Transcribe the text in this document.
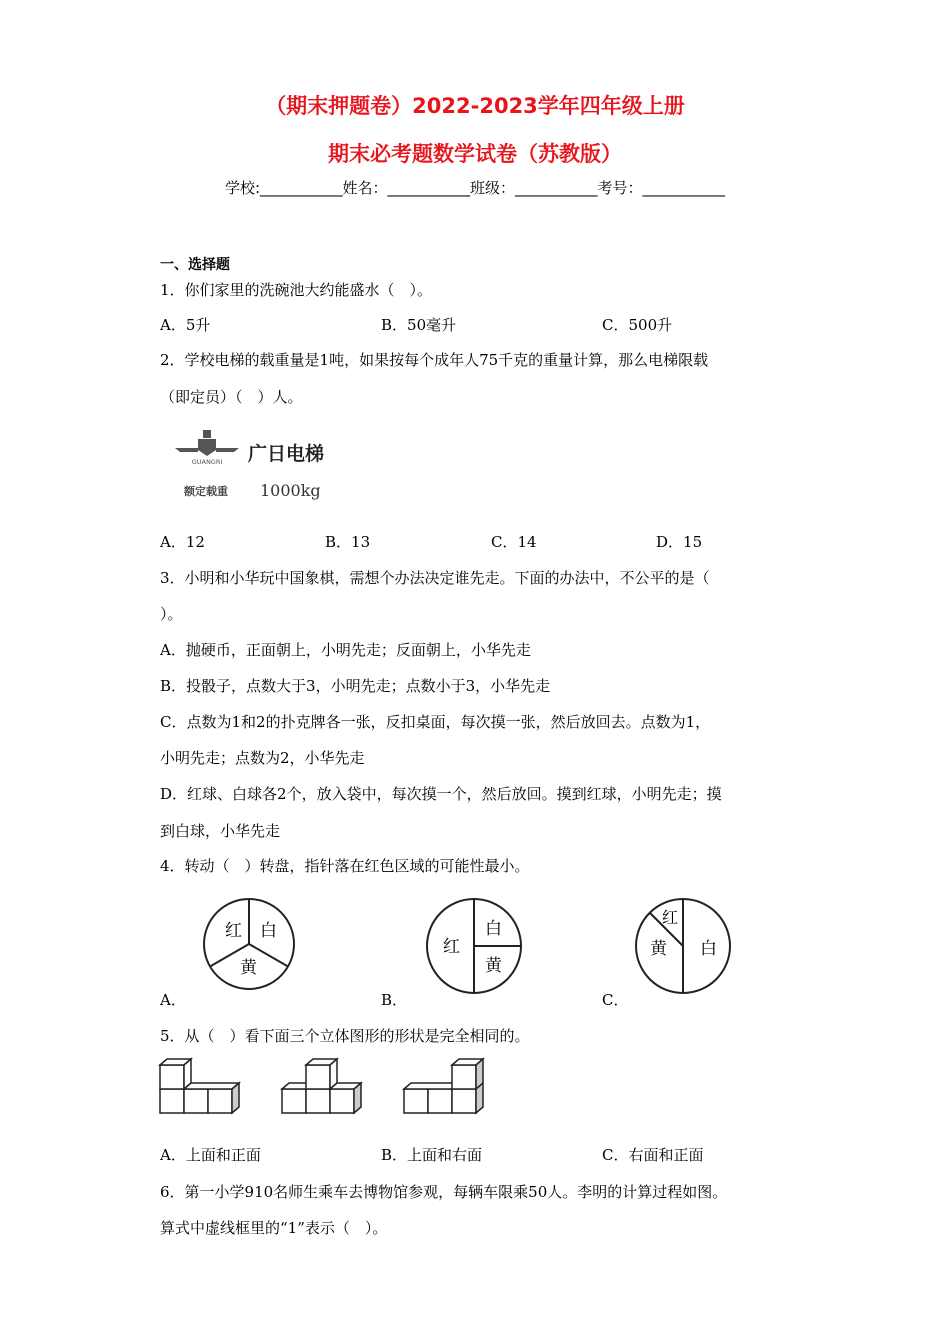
（期末押题卷）2022-2023学年四年级上册
期末必考题数学试卷（苏教版）
学校:___________姓名：___________班级：___________考号：___________
一、选择题
1．你们家里的洗碗池大约能盛水（　）。
A．5升	B．50毫升	C．500升
2．学校电梯的载重量是1吨，如果按每个成年人75千克的重量计算，那么电梯限载
（即定员）（　）人。
GUANGRI 广日电梯
额定载重 1000kg
A．12	B．13	C．14	D．15
3．小明和小华玩中国象棋，需想个办法决定谁先走。下面的办法中，不公平的是（
）。
A．抛硬币，正面朝上，小明先走；反面朝上，小华先走
B．投骰子，点数大于3，小明先走；点数小于3，小华先走
C．点数为1和2的扑克牌各一张，反扣桌面，每次摸一张，然后放回去。点数为1，
小明先走；点数为2，小华先走
D．红球、白球各2个，放入袋中，每次摸一个，然后放回。摸到红球，小明先走；摸
到白球，小华先走
4．转动（　）转盘，指针落在红色区域的可能性最小。
红 白
黄
红
白
黄
红
白
黄
A．	B．	C．
5．从（　）看下面三个立体图形的形状是完全相同的。
A．上面和正面	B．上面和右面	C．右面和正面
6．第一小学910名师生乘车去博物馆参观，每辆车限乘50人。李明的计算过程如图。
算式中虚线框里的“1”表示（　）。
